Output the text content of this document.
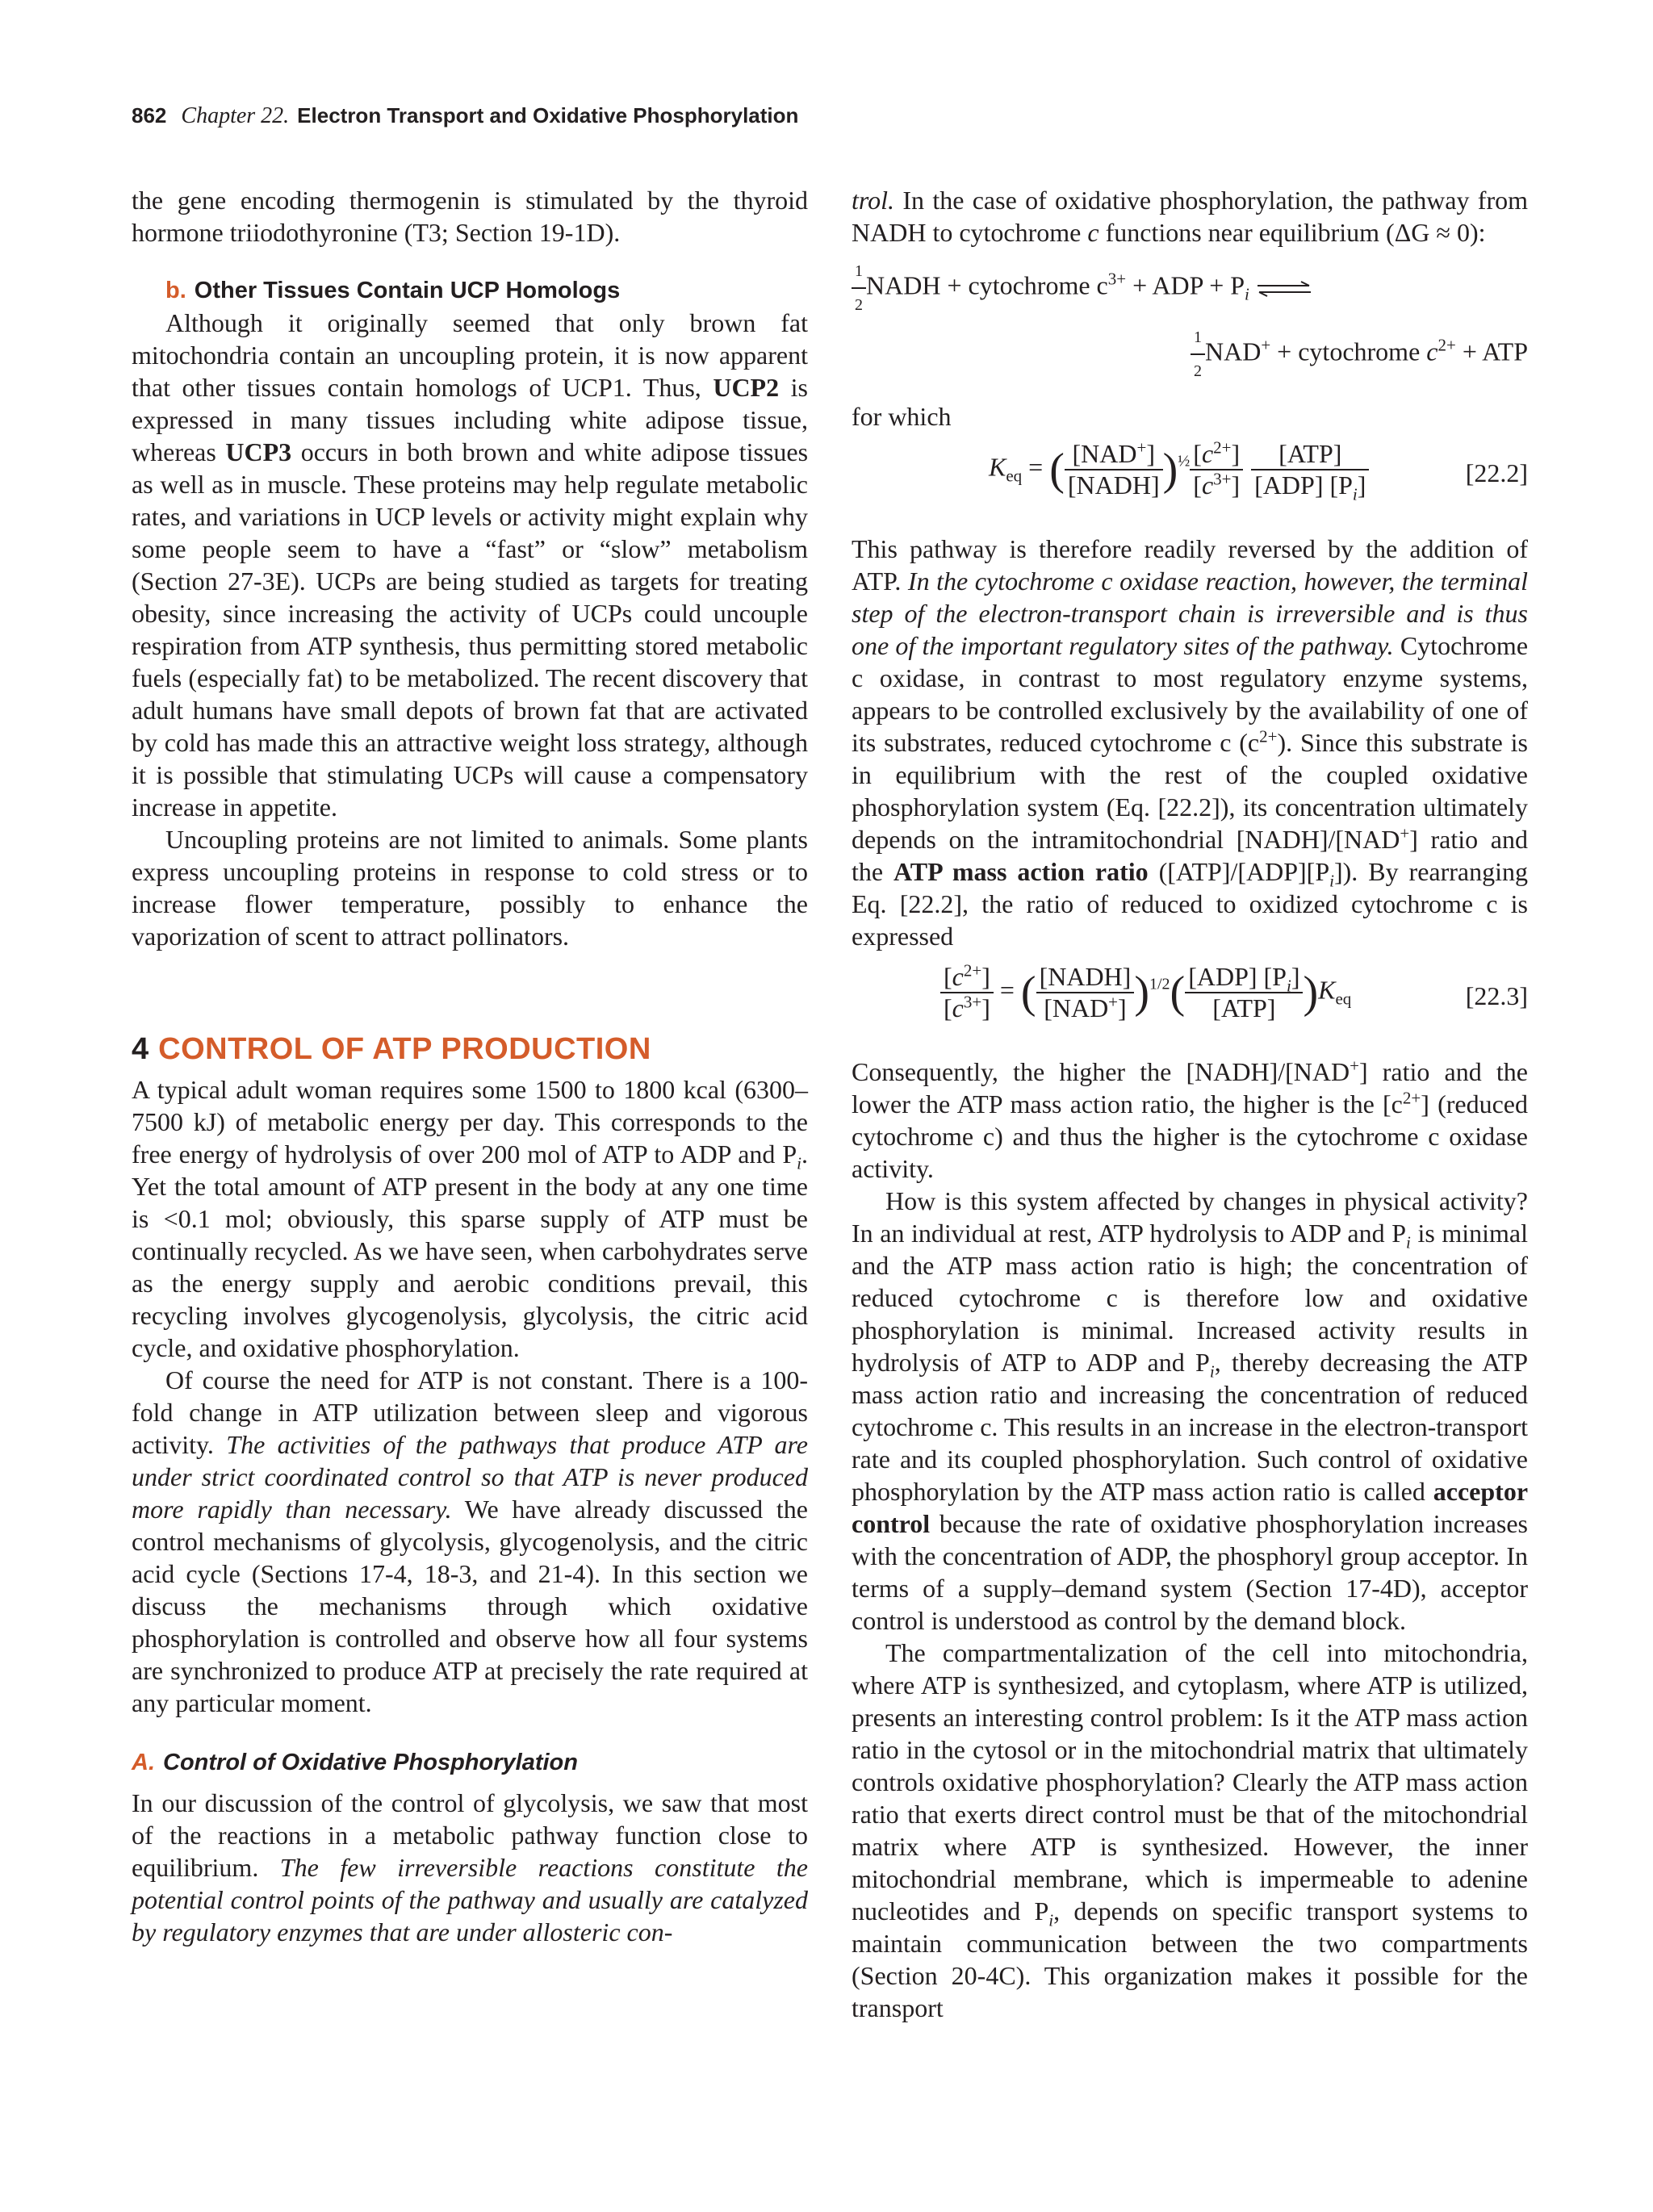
862 Chapter 22. Electron Transport and Oxidative Phosphorylation

the gene encoding thermogenin is stimulated by the thyroid hormone triiodothyronine (T3; Section 19-1D).

b. Other Tissues Contain UCP Homologs

Although it originally seemed that only brown fat mitochondria contain an uncoupling protein, it is now apparent that other tissues contain homologs of UCP1. Thus, UCP2 is expressed in many tissues including white adipose tissue, whereas UCP3 occurs in both brown and white adipose tissues as well as in muscle. These proteins may help regulate metabolic rates, and variations in UCP levels or activity might explain why some people seem to have a “fast” or “slow” metabolism (Section 27-3E). UCPs are being studied as targets for treating obesity, since increasing the activity of UCPs could uncouple respiration from ATP synthesis, thus permitting stored metabolic fuels (especially fat) to be metabolized. The recent discovery that adult humans have small depots of brown fat that are activated by cold has made this an attractive weight loss strategy, although it is possible that stimulating UCPs will cause a compensatory increase in appetite.

Uncoupling proteins are not limited to animals. Some plants express uncoupling proteins in response to cold stress or to increase flower temperature, possibly to enhance the vaporization of scent to attract pollinators.

4 CONTROL OF ATP PRODUCTION

A typical adult woman requires some 1500 to 1800 kcal (6300–7500 kJ) of metabolic energy per day. This corresponds to the free energy of hydrolysis of over 200 mol of ATP to ADP and $P_i$. Yet the total amount of ATP present in the body at any one time is <0.1 mol; obviously, this sparse supply of ATP must be continually recycled. As we have seen, when carbohydrates serve as the energy supply and aerobic conditions prevail, this recycling involves glycogenolysis, glycolysis, the citric acid cycle, and oxidative phosphorylation.

Of course the need for ATP is not constant. There is a 100-fold change in ATP utilization between sleep and vigorous activity. The activities of the pathways that produce ATP are under strict coordinated control so that ATP is never produced more rapidly than necessary. We have already discussed the control mechanisms of glycolysis, glycogenolysis, and the citric acid cycle (Sections 17-4, 18-3, and 21-4). In this section we discuss the mechanisms through which oxidative phosphorylation is controlled and observe how all four systems are synchronized to produce ATP at precisely the rate required at any particular moment.

A. Control of Oxidative Phosphorylation

In our discussion of the control of glycolysis, we saw that most of the reactions in a metabolic pathway function close to equilibrium. The few irreversible reactions constitute the potential control points of the pathway and usually are catalyzed by regulatory enzymes that are under allosteric con-

trol. In the case of oxidative phosphorylation, the pathway from NADH to cytochrome c functions near equilibrium (ΔG ≈ 0):

$\frac{1}{2}$ NADH + cytochrome $c^{3+}$ + ADP + $P_i$ ⇌
$\frac{1}{2} NAD^+$ + cytochrome $c^{2+}$ + ATP

for which

$K_{eq}$ = ( $\frac{[NAD^+]}{\text{[NADH]}} )^{\frac{1}{2}} \frac{[c^{2+}]}{[c^{3+}]} \frac{\text{[ATP]}}{[ADP] [P_i]}$	[22.2]

This pathway is therefore readily reversed by the addition of ATP. In the cytochrome c oxidase reaction, however, the terminal step of the electron-transport chain is irreversible and is thus one of the important regulatory sites of the pathway. Cytochrome c oxidase, in contrast to most regulatory enzyme systems, appears to be controlled exclusively by the availability of one of its substrates, reduced cytochrome c $(c^{2+})$. Since this substrate is in equilibrium with the rest of the coupled oxidative phosphorylation system (Eq. [22.2]), its concentration ultimately depends on the intramitochondrial [NADH]/[NAD+] ratio and the ATP mass action ratio $([ATP]/[ADP][P_i])$. By rearranging Eq. [22.2], the ratio of reduced to oxidized cytochrome c is expressed

$\frac{[c^{2+}]}{[c^{3+}]}$ = ( $\frac{\text{[NADH]}}{[NAD^+]} )^{1/2}( \frac{[ADP] [P_i]}{\text{[ATP]}} )K_{eq}$	[22.3]

Consequently, the higher the [NADH]/[NAD+] ratio and the lower the ATP mass action ratio, the higher is the $[c^{2+}]$ (reduced cytochrome c) and thus the higher is the cytochrome c oxidase activity.

How is this system affected by changes in physical activity? In an individual at rest, ATP hydrolysis to ADP and $P_i$ is minimal and the ATP mass action ratio is high; the concentration of reduced cytochrome c is therefore low and oxidative phosphorylation is minimal. Increased activity results in hydrolysis of ATP to ADP and $P_i$, thereby decreasing the ATP mass action ratio and increasing the concentration of reduced cytochrome c. This results in an increase in the electron-transport rate and its coupled phosphorylation. Such control of oxidative phosphorylation by the ATP mass action ratio is called acceptor control because the rate of oxidative phosphorylation increases with the concentration of ADP, the phosphoryl group acceptor. In terms of a supply–demand system (Section 17-4D), acceptor control is understood as control by the demand block.

The compartmentalization of the cell into mitochondria, where ATP is synthesized, and cytoplasm, where ATP is utilized, presents an interesting control problem: Is it the ATP mass action ratio in the cytosol or in the mitochondrial matrix that ultimately controls oxidative phosphorylation? Clearly the ATP mass action ratio that exerts direct control must be that of the mitochondrial matrix where ATP is synthesized. However, the inner mitochondrial membrane, which is impermeable to adenine nucleotides and $P_i$, depends on specific transport systems to maintain communication between the two compartments (Section 20-4C). This organization makes it possible for the transport
